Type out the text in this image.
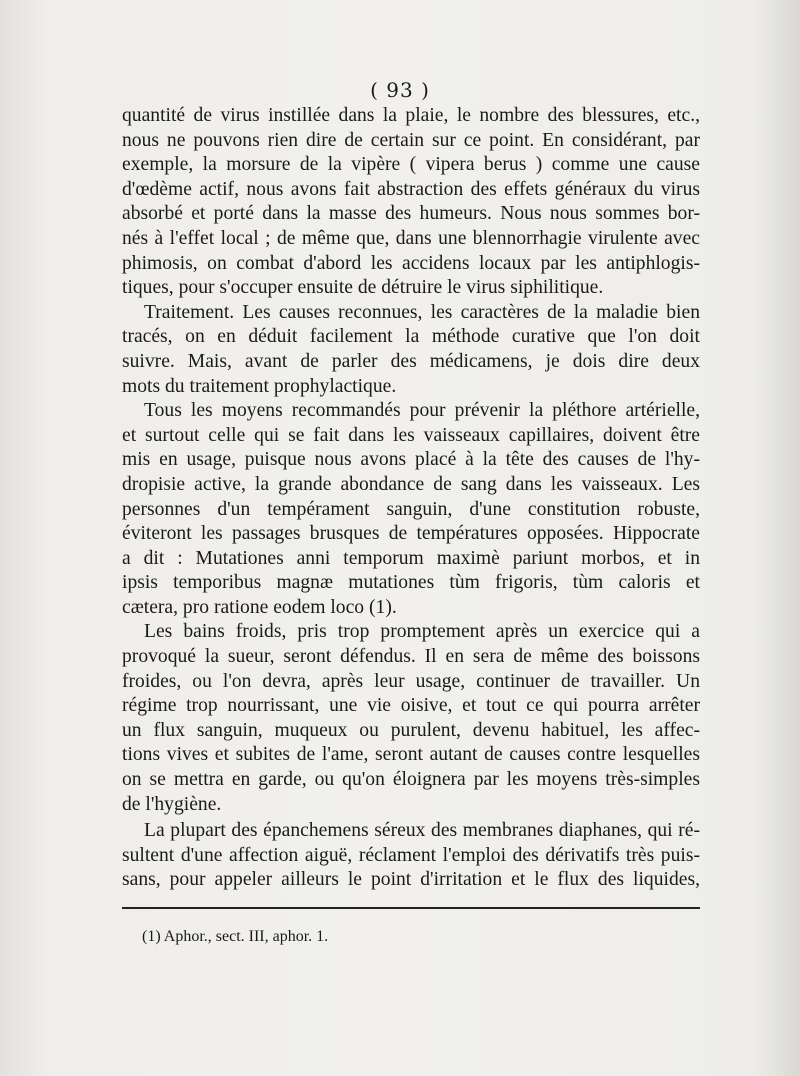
( 93 )
quantité de virus instillée dans la plaie, le nombre des blessures, etc.,
nous ne pouvons rien dire de certain sur ce point. En considérant, par
exemple, la morsure de la vipère ( vipera berus ) comme une cause
d'œdème actif, nous avons fait abstraction des effets généraux du virus
absorbé et porté dans la masse des humeurs. Nous nous sommes bor-
nés à l'effet local ; de même que, dans une blennorrhagie virulente avec
phimosis, on combat d'abord les accidens locaux par les antiphlogis-
tiques, pour s'occuper ensuite de détruire le virus siphilitique.
Traitement. Les causes reconnues, les caractères de la maladie bien
tracés, on en déduit facilement la méthode curative que l'on doit
suivre. Mais, avant de parler des médicamens, je dois dire deux
mots du traitement prophylactique.
Tous les moyens recommandés pour prévenir la pléthore artérielle,
et surtout celle qui se fait dans les vaisseaux capillaires, doivent être
mis en usage, puisque nous avons placé à la tête des causes de l'hy-
dropisie active, la grande abondance de sang dans les vaisseaux. Les
personnes d'un tempérament sanguin, d'une constitution robuste,
éviteront les passages brusques de températures opposées. Hippocrate
a dit : Mutationes anni temporum maximè pariunt morbos, et in
ipsis temporibus magnæ mutationes tùm frigoris, tùm caloris et
cætera, pro ratione eodem loco (1).
Les bains froids, pris trop promptement après un exercice qui a
provoqué la sueur, seront défendus. Il en sera de même des boissons
froides, ou l'on devra, après leur usage, continuer de travailler. Un
régime trop nourrissant, une vie oisive, et tout ce qui pourra arrêter
un flux sanguin, muqueux ou purulent, devenu habituel, les affec-
tions vives et subites de l'ame, seront autant de causes contre lesquelles
on se mettra en garde, ou qu'on éloignera par les moyens très-simples
de l'hygiène.
La plupart des épanchemens séreux des membranes diaphanes, qui ré-
sultent d'une affection aiguë, réclament l'emploi des dérivatifs très puis-
sans, pour appeler ailleurs le point d'irritation et le flux des liquides,
(1) Aphor., sect. III, aphor. 1.
